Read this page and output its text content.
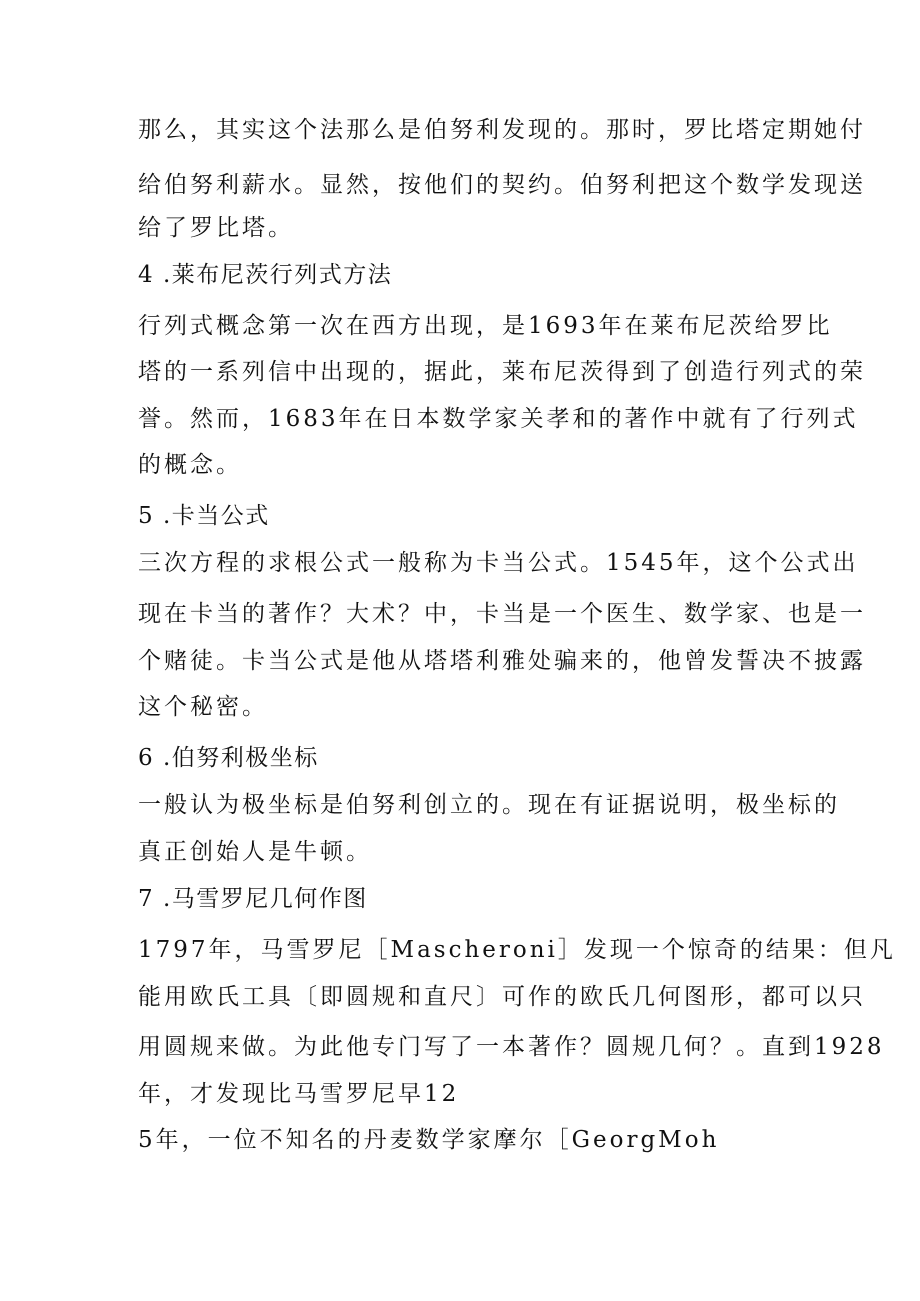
那么，其实这个法那么是伯努利发现的。那时，罗比塔定期她付
给伯努利薪水。显然，按他们的契约。伯努利把这个数学发现送
给了罗比塔。
4 .莱布尼茨行列式方法
行列式概念第一次在西方出现，是1693年在莱布尼茨给罗比
塔的一系列信中出现的，据此，莱布尼茨得到了创造行列式的荣
誉。然而，1683年在日本数学家关孝和的著作中就有了行列式
的概念。
5 .卡当公式
三次方程的求根公式一般称为卡当公式。1545年，这个公式出
现在卡当的著作？大术？中，卡当是一个医生、数学家、也是一
个赌徒。卡当公式是他从塔塔利雅处骗来的，他曾发誓决不披露
这个秘密。
6 .伯努利极坐标
一般认为极坐标是伯努利创立的。现在有证据说明，极坐标的
真正创始人是牛顿。
7 .马雪罗尼几何作图
1797年，马雪罗尼［Mascheroni］发现一个惊奇的结果：但凡
能用欧氏工具〔即圆规和直尺〕可作的欧氏几何图形，都可以只
用圆规来做。为此他专门写了一本著作？圆规几何？。直到1928
年，才发现比马雪罗尼早12
5年，一位不知名的丹麦数学家摩尔［GeorgMoh
